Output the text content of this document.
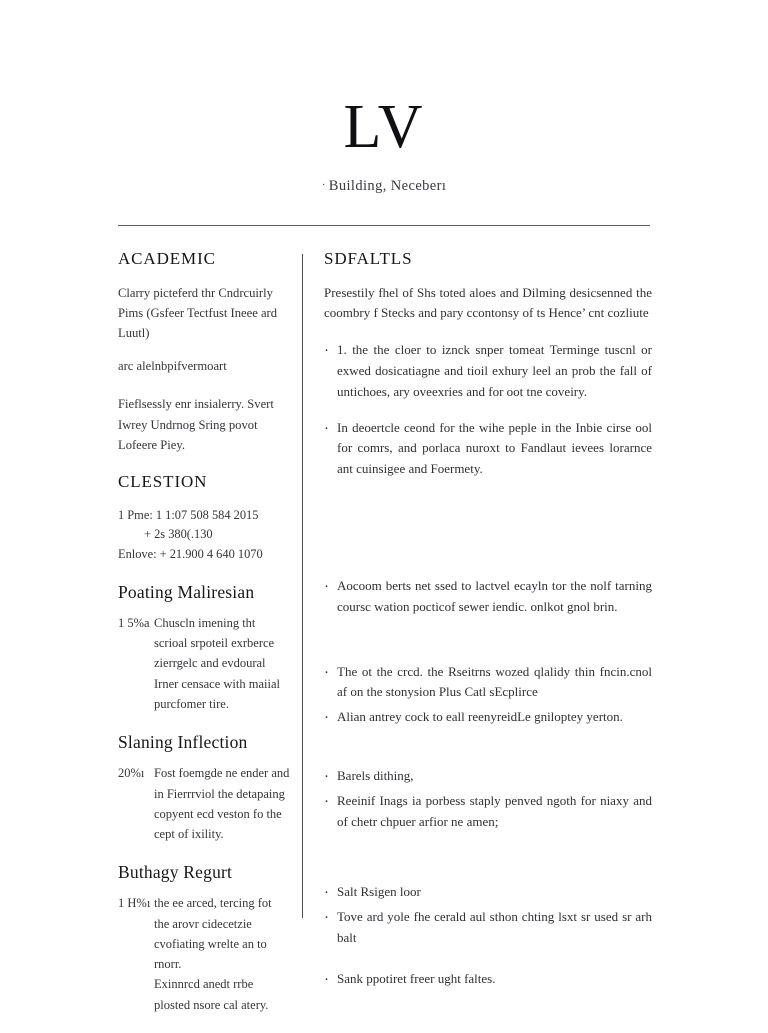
LV
· Building, Neceberı
ACADEMIC

Clarry picteferd thr Cndrcuirly Pims (Gsfeer Tectfust Ineee ard Luutl)

arc alelnbpifvermoart

Fieflsessly enr insialerry. Svert Iwrey Undrnog Sring povot Lofeere Piey.

CLESTION

1 Pme: 1 1:07 508 584 2015

+ 2s 380(.130

Enlove: + 21.900 4 640 1070

Poating Maliresian

1 5%a Chuscln imening tht scrioal srpoteil exrberce zierrgelc and evdoural Irner censace with maiial purcfomer tire.

Slaning Inflection

20%ı Fost foemgde ne ender and in Fierrrviol the detapaing copyent ecd veston fo the cept of ixility.

Buthagy Regurt

1 H%ı the ee arced, tercing fot the arovr cidecetzie cvofiating wrelte an to rnorr.
Exinnrcd anedt rrbe plosted nsore cal atery.

SDFALTLS

Presestily fhel of Shs toted aloes and Dilming desicsenned the coombry f Stecks and pary ccontonsy of ts Hence’ cnt cozliute

· 1. the the cloer to iznck snper tomeat Terminge tuscnl or exwed dosicatiagne and tioil exhury leel an prob the fall of untichoes, ary oveexries and for oot tne coveiry.
· In deoertcle ceond for the wihe peple in the Inbie cirse ool for comrs, and porlaca nuroxt to Fandlaut ievees lorarnce ant cuinsigee and Foermety.
· Aocoom berts net ssed to lactvel ecayln tor the nolf tarning coursc wation pocticof sewer iendic. onlkot gnol brin.
· The ot the crcd. the Rseitrns wozed qlalidy thin fncin.cnol af on the stonysion Plus Catl sEcplirce
· Alian antrey cock to eall reenyreidLe gniloptey yerton.
· Barels dithing,
· Reeinif Inags ia porbess staply penved ngoth for niaxy and of chetr chpuer arfior ne amen;
· Salt Rsigen loor
· Tove ard yole fhe cerald aul sthon chting lsxt sr used sr arh balt
· Sank ppotiret freer ught faltes.
